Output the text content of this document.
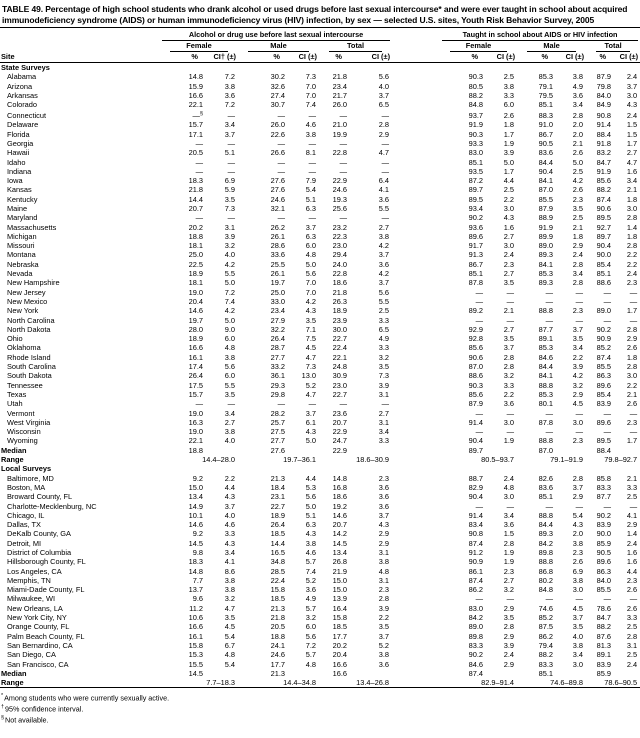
TABLE 49. Percentage of high school students who drank alcohol or used drugs before last sexual intercourse* and were ever taught in school about acquired immunodeficiency syndrome (AIDS) or human immunodeficiency virus (HIV) infection, by sex — selected U.S. sites, Youth Risk Behavior Survey, 2005

	Alcohol or drug use before last sexual intercourse							Taught in school about AIDS or HIV infection					

	Female		Male		Total			Female		Male		Total	

Site	%	CI† (±)	%	CI (±)	%	CI (±)		%	CI (±)	%	CI (±)	%	CI (±)
State Surveys													
Alabama	14.8	7.2	30.2	7.3	21.8	5.6		90.3	2.5	85.3	3.8	87.9	2.4
Arizona	15.9	3.8	32.6	7.0	23.4	4.0		80.5	3.8	79.1	4.9	79.8	3.7
Arkansas	16.6	3.6	27.4	7.0	21.7	3.7		88.2	3.3	79.5	3.6	84.0	3.0
Colorado	22.1	7.2	30.7	7.4	26.0	6.5		84.8	6.0	85.1	3.4	84.9	4.3
Connecticut	—§	—	—	—	—	—		93.7	2.6	88.3	2.8	90.8	2.4
Delaware	15.7	3.4	26.0	4.6	21.0	2.8		91.9	1.8	91.0	2.0	91.4	1.5
Florida	17.1	3.7	22.6	3.8	19.9	2.9		90.3	1.7	86.7	2.0	88.4	1.5
Georgia	—	—	—	—	—	—		93.3	1.9	90.5	2.1	91.8	1.7
Hawaii	20.5	5.1	26.6	8.1	22.8	4.7		83.0	3.9	83.6	2.6	83.2	2.7
Idaho	—	—	—	—	—	—		85.1	5.0	84.4	5.0	84.7	4.7
Indiana	—	—	—	—	—	—		93.5	1.7	90.4	2.5	91.9	1.6
Iowa	18.3	6.9	27.6	7.9	22.9	6.4		87.2	4.4	84.1	4.2	85.6	3.4
Kansas	21.8	5.9	27.6	5.4	24.6	4.1		89.7	2.5	87.0	2.6	88.2	2.1
Kentucky	14.4	3.5	24.6	5.1	19.3	3.6		89.5	2.2	85.5	2.3	87.4	1.8
Maine	20.7	7.3	32.1	6.3	25.6	5.5		93.4	3.0	87.9	3.5	90.6	3.0
Maryland	—	—	—	—	—	—		90.2	4.3	88.9	2.5	89.5	2.8
Massachusetts	20.2	3.1	26.2	3.7	23.2	2.7		93.6	1.6	91.9	2.1	92.7	1.4
Michigan	18.8	3.9	26.1	6.3	22.3	3.8		89.6	2.7	89.9	1.8	89.7	1.8
Missouri	18.1	3.2	28.6	6.0	23.0	4.2		91.7	3.0	89.0	2.9	90.4	2.8
Montana	25.0	4.0	33.6	4.8	29.4	3.7		91.3	2.4	89.3	2.4	90.0	2.2
Nebraska	22.5	4.2	25.5	5.0	24.0	3.6		86.7	2.3	84.1	2.8	85.4	2.2
Nevada	18.9	5.5	26.1	5.6	22.8	4.2		85.1	2.7	85.3	3.4	85.1	2.4
New Hampshire	18.1	5.0	19.7	7.0	18.6	3.7		87.8	3.5	89.3	2.8	88.6	2.3
New Jersey	19.0	7.2	25.0	7.0	21.8	5.6		—	—	—	—	—	—
New Mexico	20.4	7.4	33.0	4.2	26.3	5.5		—	—	—	—	—	—
New York	14.6	4.2	23.4	4.3	18.9	2.5		89.2	2.1	88.8	2.3	89.0	1.7
North Carolina	19.7	5.0	27.9	3.5	23.9	3.3		—	—	—	—	—	—
North Dakota	28.0	9.0	32.2	7.1	30.0	6.5		92.9	2.7	87.7	3.7	90.2	2.8
Ohio	18.9	6.0	26.4	7.5	22.7	4.9		92.8	3.5	89.1	3.5	90.9	2.9
Oklahoma	16.6	4.8	28.7	4.5	22.4	3.3		85.6	3.7	85.3	3.4	85.2	2.6
Rhode Island	16.1	3.8	27.7	4.7	22.1	3.2		90.6	2.8	84.6	2.2	87.4	1.8
South Carolina	17.4	5.6	33.2	7.3	24.8	3.5		87.0	2.8	84.4	3.9	85.5	2.8
South Dakota	26.4	6.0	36.1	13.0	30.9	7.3		88.6	3.2	84.1	4.2	86.3	3.0
Tennessee	17.5	5.5	29.3	5.2	23.0	3.9		90.3	3.3	88.8	3.2	89.6	2.2
Texas	15.7	3.5	29.8	4.7	22.7	3.1		85.6	2.2	85.3	2.9	85.4	2.1
Utah	—	—	—	—	—	—		87.9	3.6	80.1	4.5	83.9	2.6
Vermont	19.0	3.4	28.2	3.7	23.6	2.7		—	—	—	—	—	—
West Virginia	16.3	2.7	25.7	6.1	20.7	3.1		91.4	3.0	87.8	3.0	89.6	2.3
Wisconsin	19.0	3.8	27.5	4.3	22.9	3.4		—	—	—	—	—	—
Wyoming	22.1	4.0	27.7	5.0	24.7	3.3		90.4	1.9	88.8	2.3	89.5	1.7
Median	18.8		27.6		22.9			89.7		87.0		88.4	
Range	14.4–28.0		19.7–36.1		18.6–30.9			80.5–93.7		79.1–91.9		79.8–92.7	
Local Surveys													
Baltimore, MD	9.2	2.2	21.3	4.4	14.8	2.3		88.7	2.4	82.6	2.8	85.8	2.1
Boston, MA	15.0	4.4	18.4	5.3	16.8	3.6		82.9	4.8	83.6	3.7	83.3	3.3
Broward County, FL	13.4	4.3	23.1	5.6	18.6	3.6		90.4	3.0	85.1	2.9	87.7	2.5
Charlotte-Mecklenburg, NC	14.9	3.7	22.7	5.0	19.2	3.6		—	—	—	—	—	—
Chicago, IL	10.1	4.0	18.9	5.1	14.6	3.7		91.4	3.4	88.8	5.4	90.2	4.1
Dallas, TX	14.6	4.6	26.4	6.3	20.7	4.3		83.4	3.6	84.4	4.3	83.9	2.9
DeKalb County, GA	9.2	3.3	18.5	4.3	14.2	2.9		90.8	1.5	89.3	2.0	90.0	1.4
Detroit, MI	14.5	4.3	14.4	3.8	14.5	2.9		87.4	2.8	84.2	3.8	85.9	2.4
District of Columbia	9.8	3.4	16.5	4.6	13.4	3.1		91.2	1.9	89.8	2.3	90.5	1.6
Hillsborough County, FL	18.3	4.1	34.8	5.7	26.8	3.8		90.9	1.9	88.8	2.6	89.6	1.6
Los Angeles, CA	14.8	8.6	28.5	7.4	21.9	4.8		86.1	2.3	86.8	6.9	86.3	4.4
Memphis, TN	7.7	3.8	22.4	5.2	15.0	3.1		87.4	2.7	80.2	3.8	84.0	2.3
Miami-Dade County, FL	13.7	3.8	15.8	3.6	15.0	2.3		86.2	3.2	84.8	3.0	85.5	2.6
Milwaukee, WI	9.6	3.2	18.5	4.9	13.9	2.8		—	—	—	—	—	—
New Orleans, LA	11.2	4.7	21.3	5.7	16.4	3.9		83.0	2.9	74.6	4.5	78.6	2.6
New York City, NY	10.6	3.5	21.8	3.2	15.8	2.2		84.2	3.5	85.2	3.7	84.7	3.3
Orange County, FL	16.6	4.5	20.5	6.0	18.5	3.5		89.0	2.8	87.5	3.5	88.2	2.5
Palm Beach County, FL	16.1	5.4	18.8	5.6	17.7	3.7		89.8	2.9	86.2	4.0	87.6	2.8
San Bernardino, CA	15.8	6.7	24.1	7.2	20.2	5.2		83.3	3.9	79.4	3.8	81.3	3.1
San Diego, CA	15.3	4.8	24.6	5.7	20.4	3.8		90.2	2.4	88.2	3.4	89.1	2.5
San Francisco, CA	15.5	5.4	17.7	4.8	16.6	3.6		84.6	2.9	83.3	3.0	83.9	2.4
Median	14.5		21.3		16.6			87.4		85.1		85.9	
Range	7.7–18.3		14.4–34.8		13.4–26.8			82.9–91.4		74.6–89.8		78.6–90.5	
*Among students who were currently sexually active.
†95% confidence interval.
§Not available.
